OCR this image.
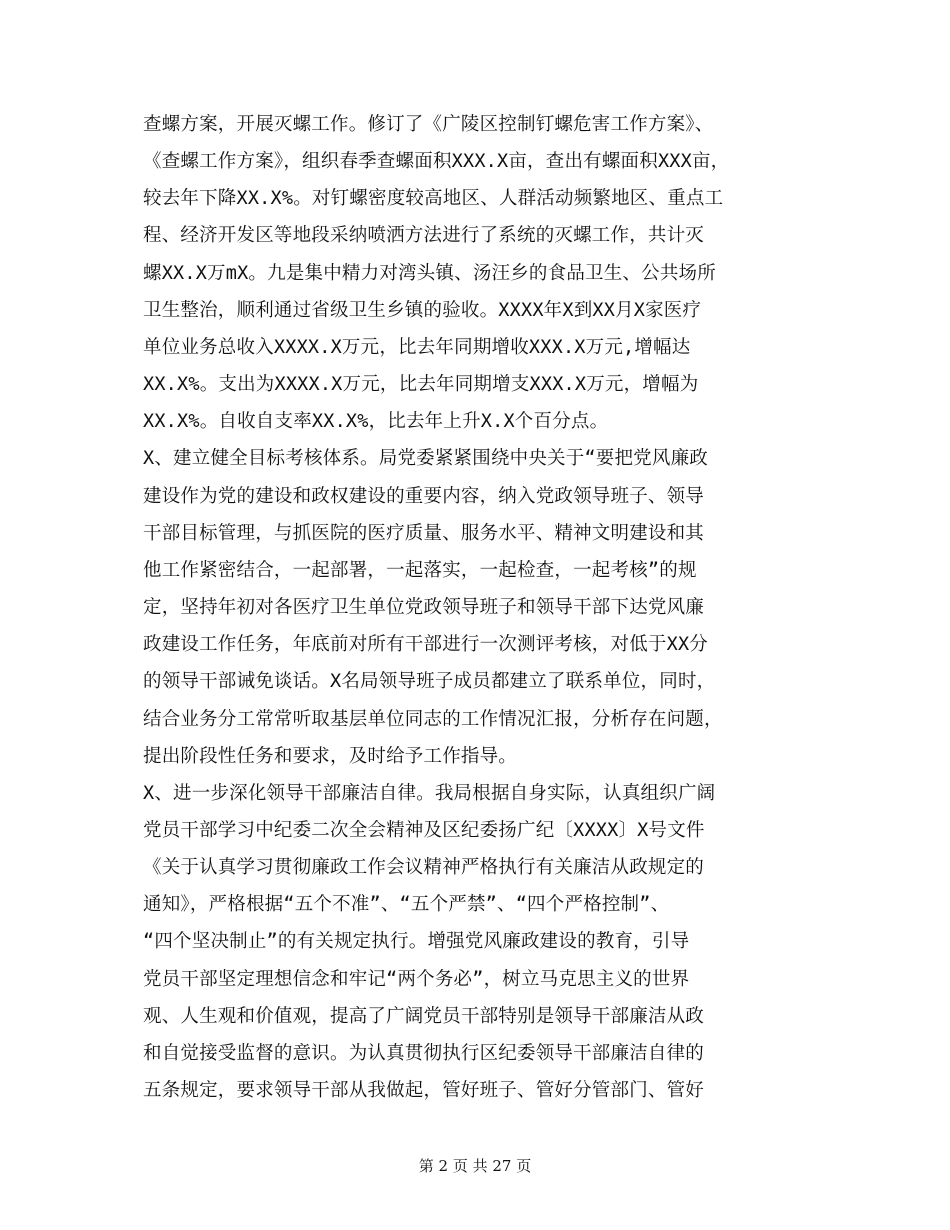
查螺方案，开展灭螺工作。修订了《广陵区控制钉螺危害工作方案》、
《查螺工作方案》，组织春季查螺面积XXX.X亩，查出有螺面积XXX亩，
较去年下降XX.X%。对钉螺密度较高地区、人群活动频繁地区、重点工
程、经济开发区等地段采纳喷洒方法进行了系统的灭螺工作，共计灭
螺XX.X万mX。九是集中精力对湾头镇、汤汪乡的食品卫生、公共场所
卫生整治，顺利通过省级卫生乡镇的验收。XXXX年X到XX月X家医疗
单位业务总收入XXXX.X万元，比去年同期增收XXX.X万元,增幅达
XX.X%。支出为XXXX.X万元，比去年同期增支XXX.X万元，增幅为
XX.X%。自收自支率XX.X%，比去年上升X.X个百分点。
X、建立健全目标考核体系。局党委紧紧围绕中央关于“要把党风廉政
建设作为党的建设和政权建设的重要内容，纳入党政领导班子、领导
干部目标管理，与抓医院的医疗质量、服务水平、精神文明建设和其
他工作紧密结合，一起部署，一起落实，一起检查，一起考核”的规
定，坚持年初对各医疗卫生单位党政领导班子和领导干部下达党风廉
政建设工作任务，年底前对所有干部进行一次测评考核，对低于XX分
的领导干部诫免谈话。X名局领导班子成员都建立了联系单位，同时，
结合业务分工常常听取基层单位同志的工作情况汇报，分析存在问题，
提出阶段性任务和要求，及时给予工作指导。
X、进一步深化领导干部廉洁自律。我局根据自身实际，认真组织广阔
党员干部学习中纪委二次全会精神及区纪委扬广纪〔XXXX〕X号文件
《关于认真学习贯彻廉政工作会议精神严格执行有关廉洁从政规定的
通知》，严格根据“五个不准”、“五个严禁”、“四个严格控制”、
“四个坚决制止”的有关规定执行。增强党风廉政建设的教育，引导
党员干部坚定理想信念和牢记“两个务必”，树立马克思主义的世界
观、人生观和价值观，提高了广阔党员干部特别是领导干部廉洁从政
和自觉接受监督的意识。为认真贯彻执行区纪委领导干部廉洁自律的
五条规定，要求领导干部从我做起，管好班子、管好分管部门、管好
第 2 页 共 27 页
